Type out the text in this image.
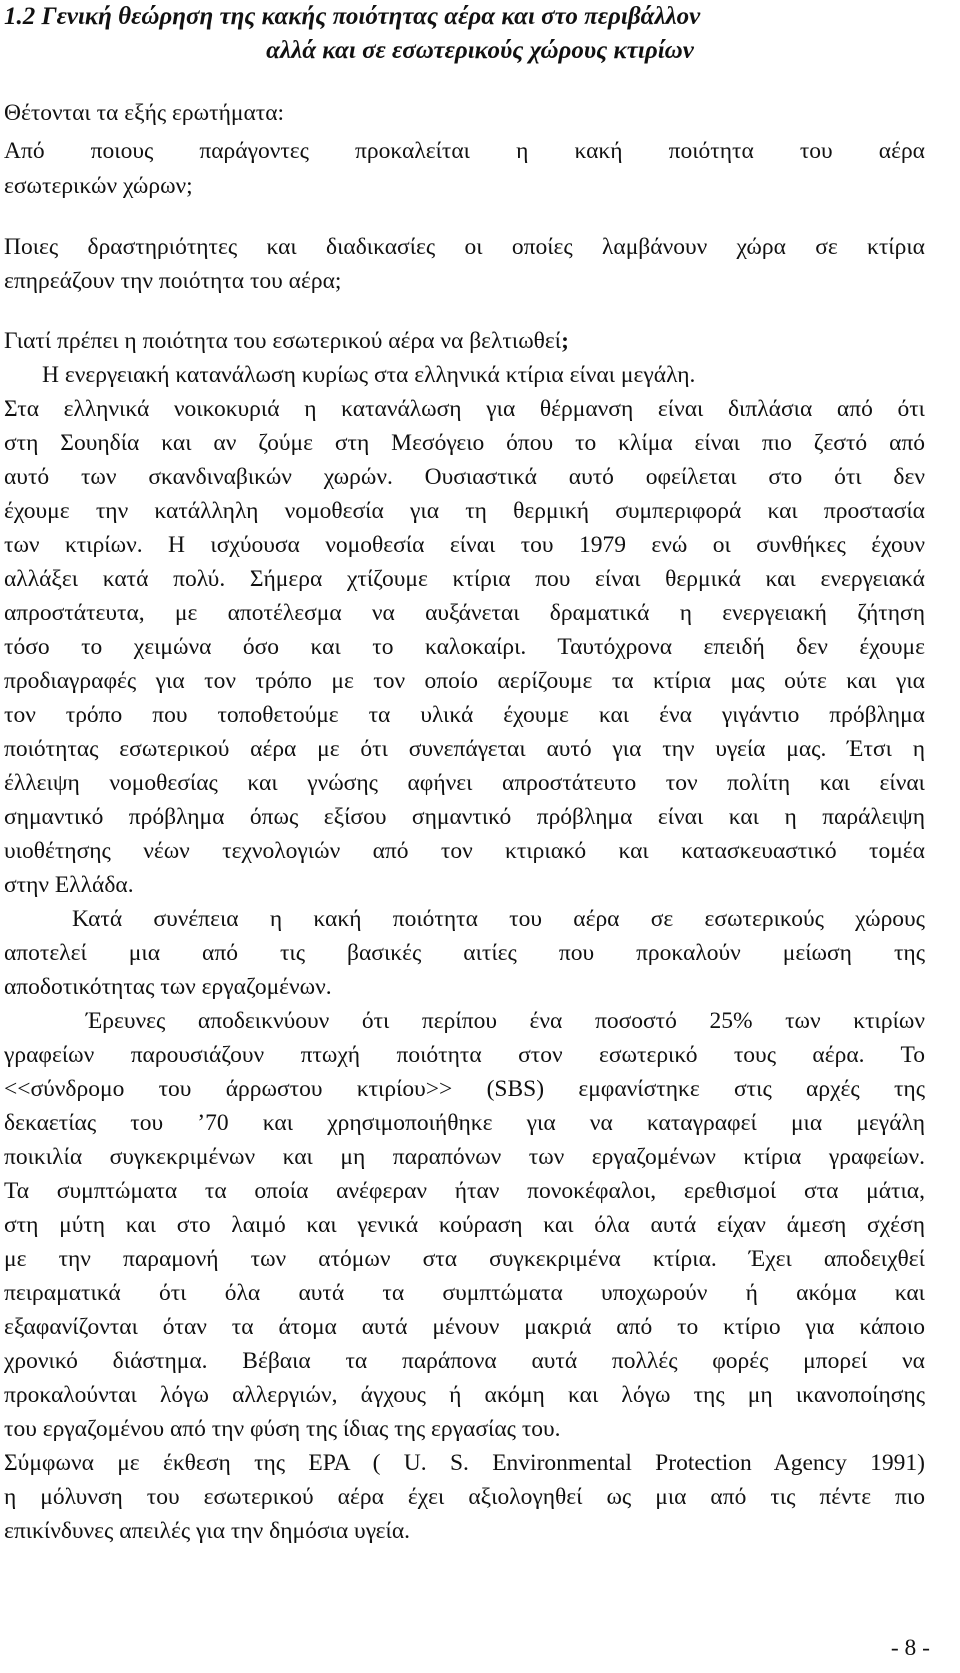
1.2 Γενική θεώρηση της κακής ποιότητας αέρα και στο περιβάλλον
αλλά και σε εσωτερικούς χώρους κτιρίων
Θέτονται τα εξής ερωτήματα:
Από ποιους παράγοντες προκαλείται η κακή ποιότητα του αέρα
εσωτερικών χώρων;
Ποιες δραστηριότητες και διαδικασίες οι οποίες λαμβάνουν χώρα σε κτίρια
επηρεάζουν την ποιότητα του αέρα;
Γιατί πρέπει η ποιότητα του εσωτερικού αέρα να βελτιωθεί;
Η ενεργειακή κατανάλωση κυρίως στα ελληνικά κτίρια είναι μεγάλη.
Στα ελληνικά νοικοκυριά η κατανάλωση για θέρμανση είναι διπλάσια από ότι
στη Σουηδία και αν ζούμε στη Μεσόγειο όπου το κλίμα είναι πιο ζεστό από
αυτό των σκανδιναβικών χωρών. Ουσιαστικά αυτό οφείλεται στο ότι δεν
έχουμε την κατάλληλη νομοθεσία για τη θερμική συμπεριφορά και προστασία
των κτιρίων. Η ισχύουσα νομοθεσία είναι του 1979 ενώ οι συνθήκες έχουν
αλλάξει κατά πολύ. Σήμερα χτίζουμε κτίρια που είναι θερμικά και ενεργειακά
απροστάτευτα, με αποτέλεσμα να αυξάνεται δραματικά η ενεργειακή ζήτηση
τόσο το χειμώνα όσο και το καλοκαίρι. Ταυτόχρονα επειδή δεν έχουμε
προδιαγραφές για τον τρόπο με τον οποίο αερίζουμε τα κτίρια μας ούτε και για
τον τρόπο που τοποθετούμε τα υλικά έχουμε και ένα γιγάντιο πρόβλημα
ποιότητας εσωτερικού αέρα με ότι συνεπάγεται αυτό για την υγεία μας. Έτσι η
έλλειψη νομοθεσίας και γνώσης αφήνει απροστάτευτο τον πολίτη και είναι
σημαντικό πρόβλημα όπως εξίσου σημαντικό πρόβλημα είναι και η παράλειψη
υιοθέτησης νέων τεχνολογιών από τον κτιριακό και κατασκευαστικό τομέα
στην Ελλάδα.
Κατά συνέπεια η κακή ποιότητα του αέρα σε εσωτερικούς χώρους
αποτελεί μια από τις βασικές αιτίες που προκαλούν μείωση της
αποδοτικότητας των εργαζομένων.
Έρευνες αποδεικνύουν ότι περίπου ένα ποσοστό 25% των κτιρίων
γραφείων παρουσιάζουν πτωχή ποιότητα στον εσωτερικό τους αέρα. Το
<<σύνδρομο του άρρωστου κτιρίου>> (SBS) εμφανίστηκε στις αρχές της
δεκαετίας του ’70 και χρησιμοποιήθηκε για να καταγραφεί μια μεγάλη
ποικιλία συγκεκριμένων και μη παραπόνων των εργαζομένων κτίρια γραφείων.
Τα συμπτώματα τα οποία ανέφεραν ήταν πονοκέφαλοι, ερεθισμοί στα μάτια,
στη μύτη και στο λαιμό και γενικά κούραση και όλα αυτά είχαν άμεση σχέση
με την παραμονή των ατόμων στα συγκεκριμένα κτίρια. Έχει αποδειχθεί
πειραματικά ότι όλα αυτά τα συμπτώματα υποχωρούν ή ακόμα και
εξαφανίζονται όταν τα άτομα αυτά μένουν μακριά από το κτίριο για κάποιο
χρονικό διάστημα. Βέβαια τα παράπονα αυτά πολλές φορές μπορεί να
προκαλούνται λόγω αλλεργιών, άγχους ή ακόμη και λόγω της μη ικανοποίησης
του εργαζομένου από την φύση της ίδιας της εργασίας του.
Σύμφωνα με έκθεση της EPA ( U. S. Environmental Protection Agency 1991)
η μόλυνση του εσωτερικού αέρα έχει αξιολογηθεί ως μια από τις πέντε πιο
επικίνδυνες απειλές για την δημόσια υγεία.
- 8 -
